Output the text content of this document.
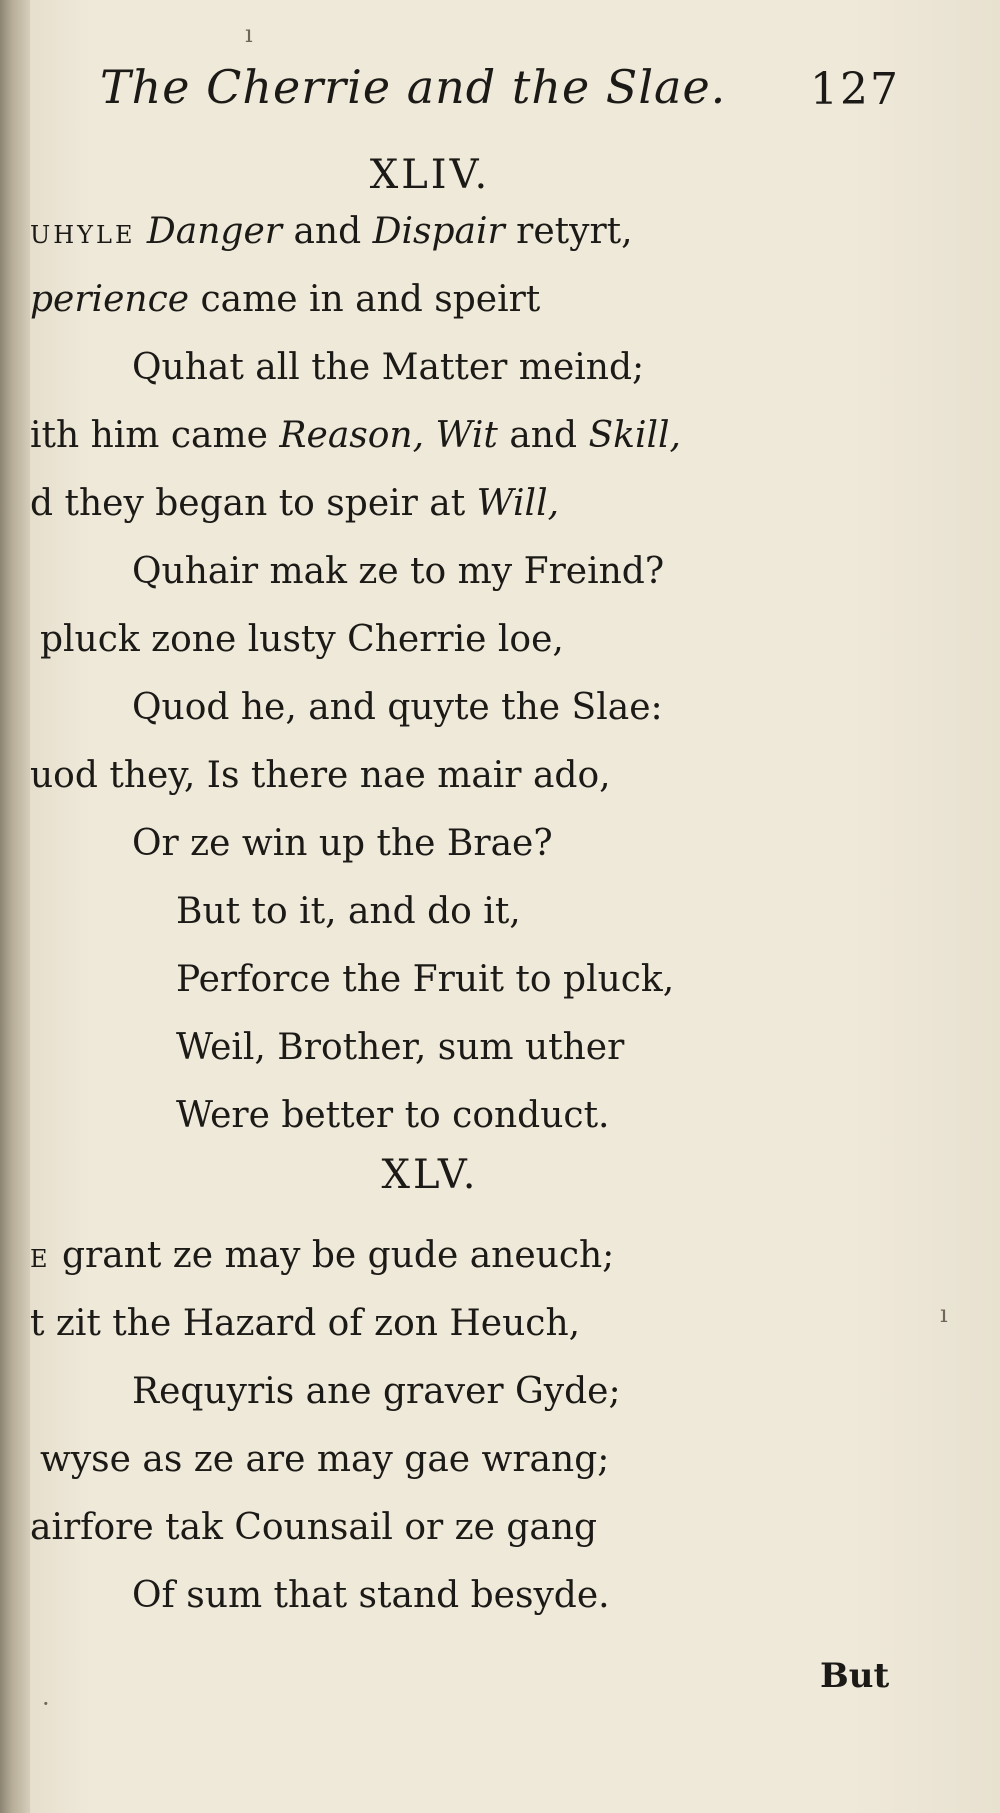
The Cherrie and the Slae. 127
XLIV.
UHYLE Danger and Dispair retyrt,
perience came in and speirt
Quhat all the Matter meind;
ith him came Reason, Wit and Skill,
d they began to speir at Will,
Quhair mak ze to my Freind?
pluck zone lusty Cherrie loe,
Quod he, and quyte the Slae:
uod they, Is there nae mair ado,
Or ze win up the Brae?
But to it, and do it,
Perforce the Fruit to pluck,
Weil, Brother, sum uther
Were better to conduct.
XLV.
E grant ze may be gude aneuch;
t zit the Hazard of zon Heuch,
Requyris ane graver Gyde;
wyse as ze are may gae wrang;
airfore tak Counsail or ze gang
Of sum that stand besyde.
But
ı
ı
·
